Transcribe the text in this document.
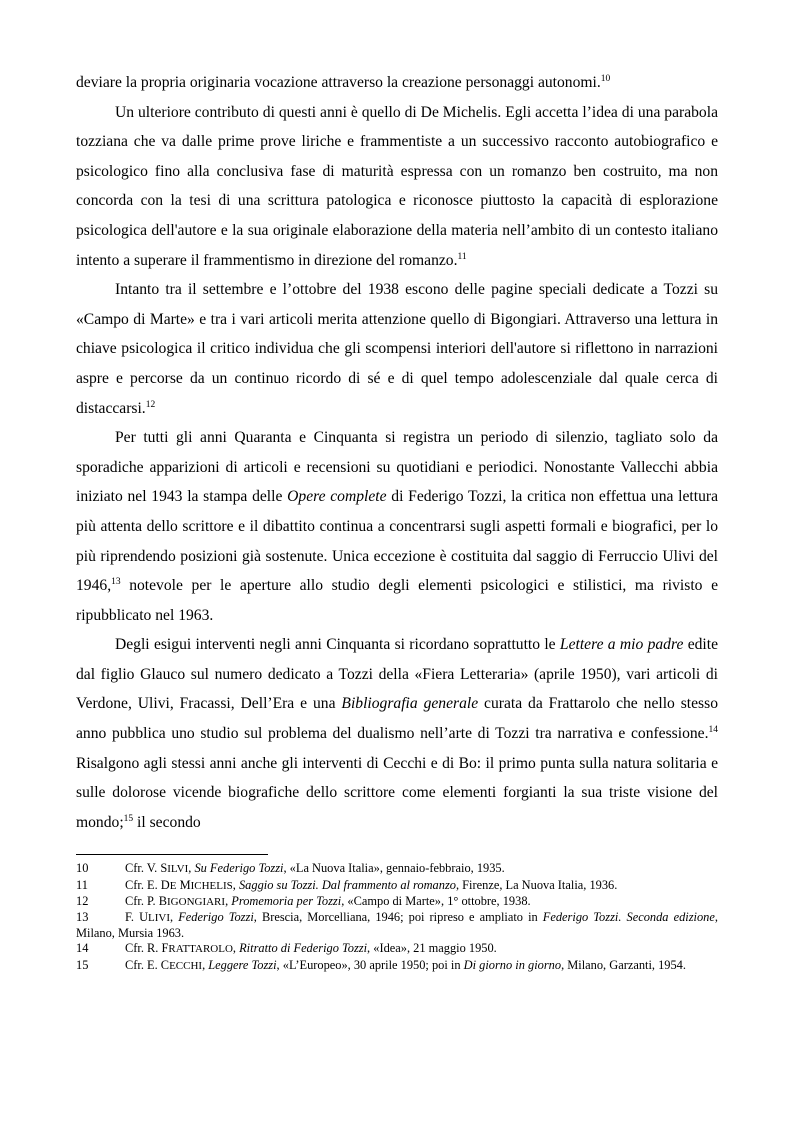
deviare la propria originaria vocazione attraverso la creazione personaggi autonomi.$^{10}$

Un ulteriore contributo di questi anni è quello di De Michelis. Egli accetta l’idea di una parabola tozziana che va dalle prime prove liriche e frammentiste a un successivo racconto autobiografico e psicologico fino alla conclusiva fase di maturità espressa con un romanzo ben costruito, ma non concorda con la tesi di una scrittura patologica e riconosce piuttosto la capacità di esplorazione psicologica dell'autore e la sua originale elaborazione della materia nell’ambito di un contesto italiano intento a superare il frammentismo in direzione del romanzo.$^{11}$

Intanto tra il settembre e l’ottobre del 1938 escono delle pagine speciali dedicate a Tozzi su «Campo di Marte» e tra i vari articoli merita attenzione quello di Bigongiari. Attraverso una lettura in chiave psicologica il critico individua che gli scompensi interiori dell'autore si riflettono in narrazioni aspre e percorse da un continuo ricordo di sé e di quel tempo adolescenziale dal quale cerca di distaccarsi.$^{12}$

Per tutti gli anni Quaranta e Cinquanta si registra un periodo di silenzio, tagliato solo da sporadiche apparizioni di articoli e recensioni su quotidiani e periodici. Nonostante Vallecchi abbia iniziato nel 1943 la stampa delle Opere complete di Federigo Tozzi, la critica non effettua una lettura più attenta dello scrittore e il dibattito continua a concentrarsi sugli aspetti formali e biografici, per lo più riprendendo posizioni già sostenute. Unica eccezione è costituita dal saggio di Ferruccio Ulivi del 1946,13 notevole per le aperture allo studio degli elementi psicologici e stilistici, ma rivisto e ripubblicato nel 1963.

Degli esigui interventi negli anni Cinquanta si ricordano soprattutto le Lettere a mio padre edite dal figlio Glauco sul numero dedicato a Tozzi della «Fiera Letteraria» (aprile 1950), vari articoli di Verdone, Ulivi, Fracassi, Dell’Era e una Bibliografia generale curata da Frattarolo che nello stesso anno pubblica uno studio sul problema del dualismo nell’arte di Tozzi tra narrativa e confessione.$^{14}$ Risalgono agli stessi anni anche gli interventi di Cecchi e di Bo: il primo punta sulla natura solitaria e sulle dolorose vicende biografiche dello scrittore come elementi forgianti la sua triste visione del mondo;$^{15}$ il secondo

10	Cfr. V. SILVI, Su Federigo Tozzi, «La Nuova Italia», gennaio-febbraio, 1935.

11	Cfr. E. DE MICHELIS, Saggio su Tozzi. Dal frammento al romanzo, Firenze, La Nuova Italia, 1936.

12	Cfr. P. BIGONGIARI, Promemoria per Tozzi, «Campo di Marte», 1° ottobre, 1938.

13	F. ULIVI, Federigo Tozzi, Brescia, Morcelliana, 1946; poi ripreso e ampliato in Federigo Tozzi. Seconda edizione, Milano, Mursia 1963.

14	Cfr. R. FRATTAROLO, Ritratto di Federigo Tozzi, «Idea», 21 maggio 1950.

15	Cfr. E. CECCHI, Leggere Tozzi, «L’Europeo», 30 aprile 1950; poi in Di giorno in giorno, Milano, Garzanti, 1954.
